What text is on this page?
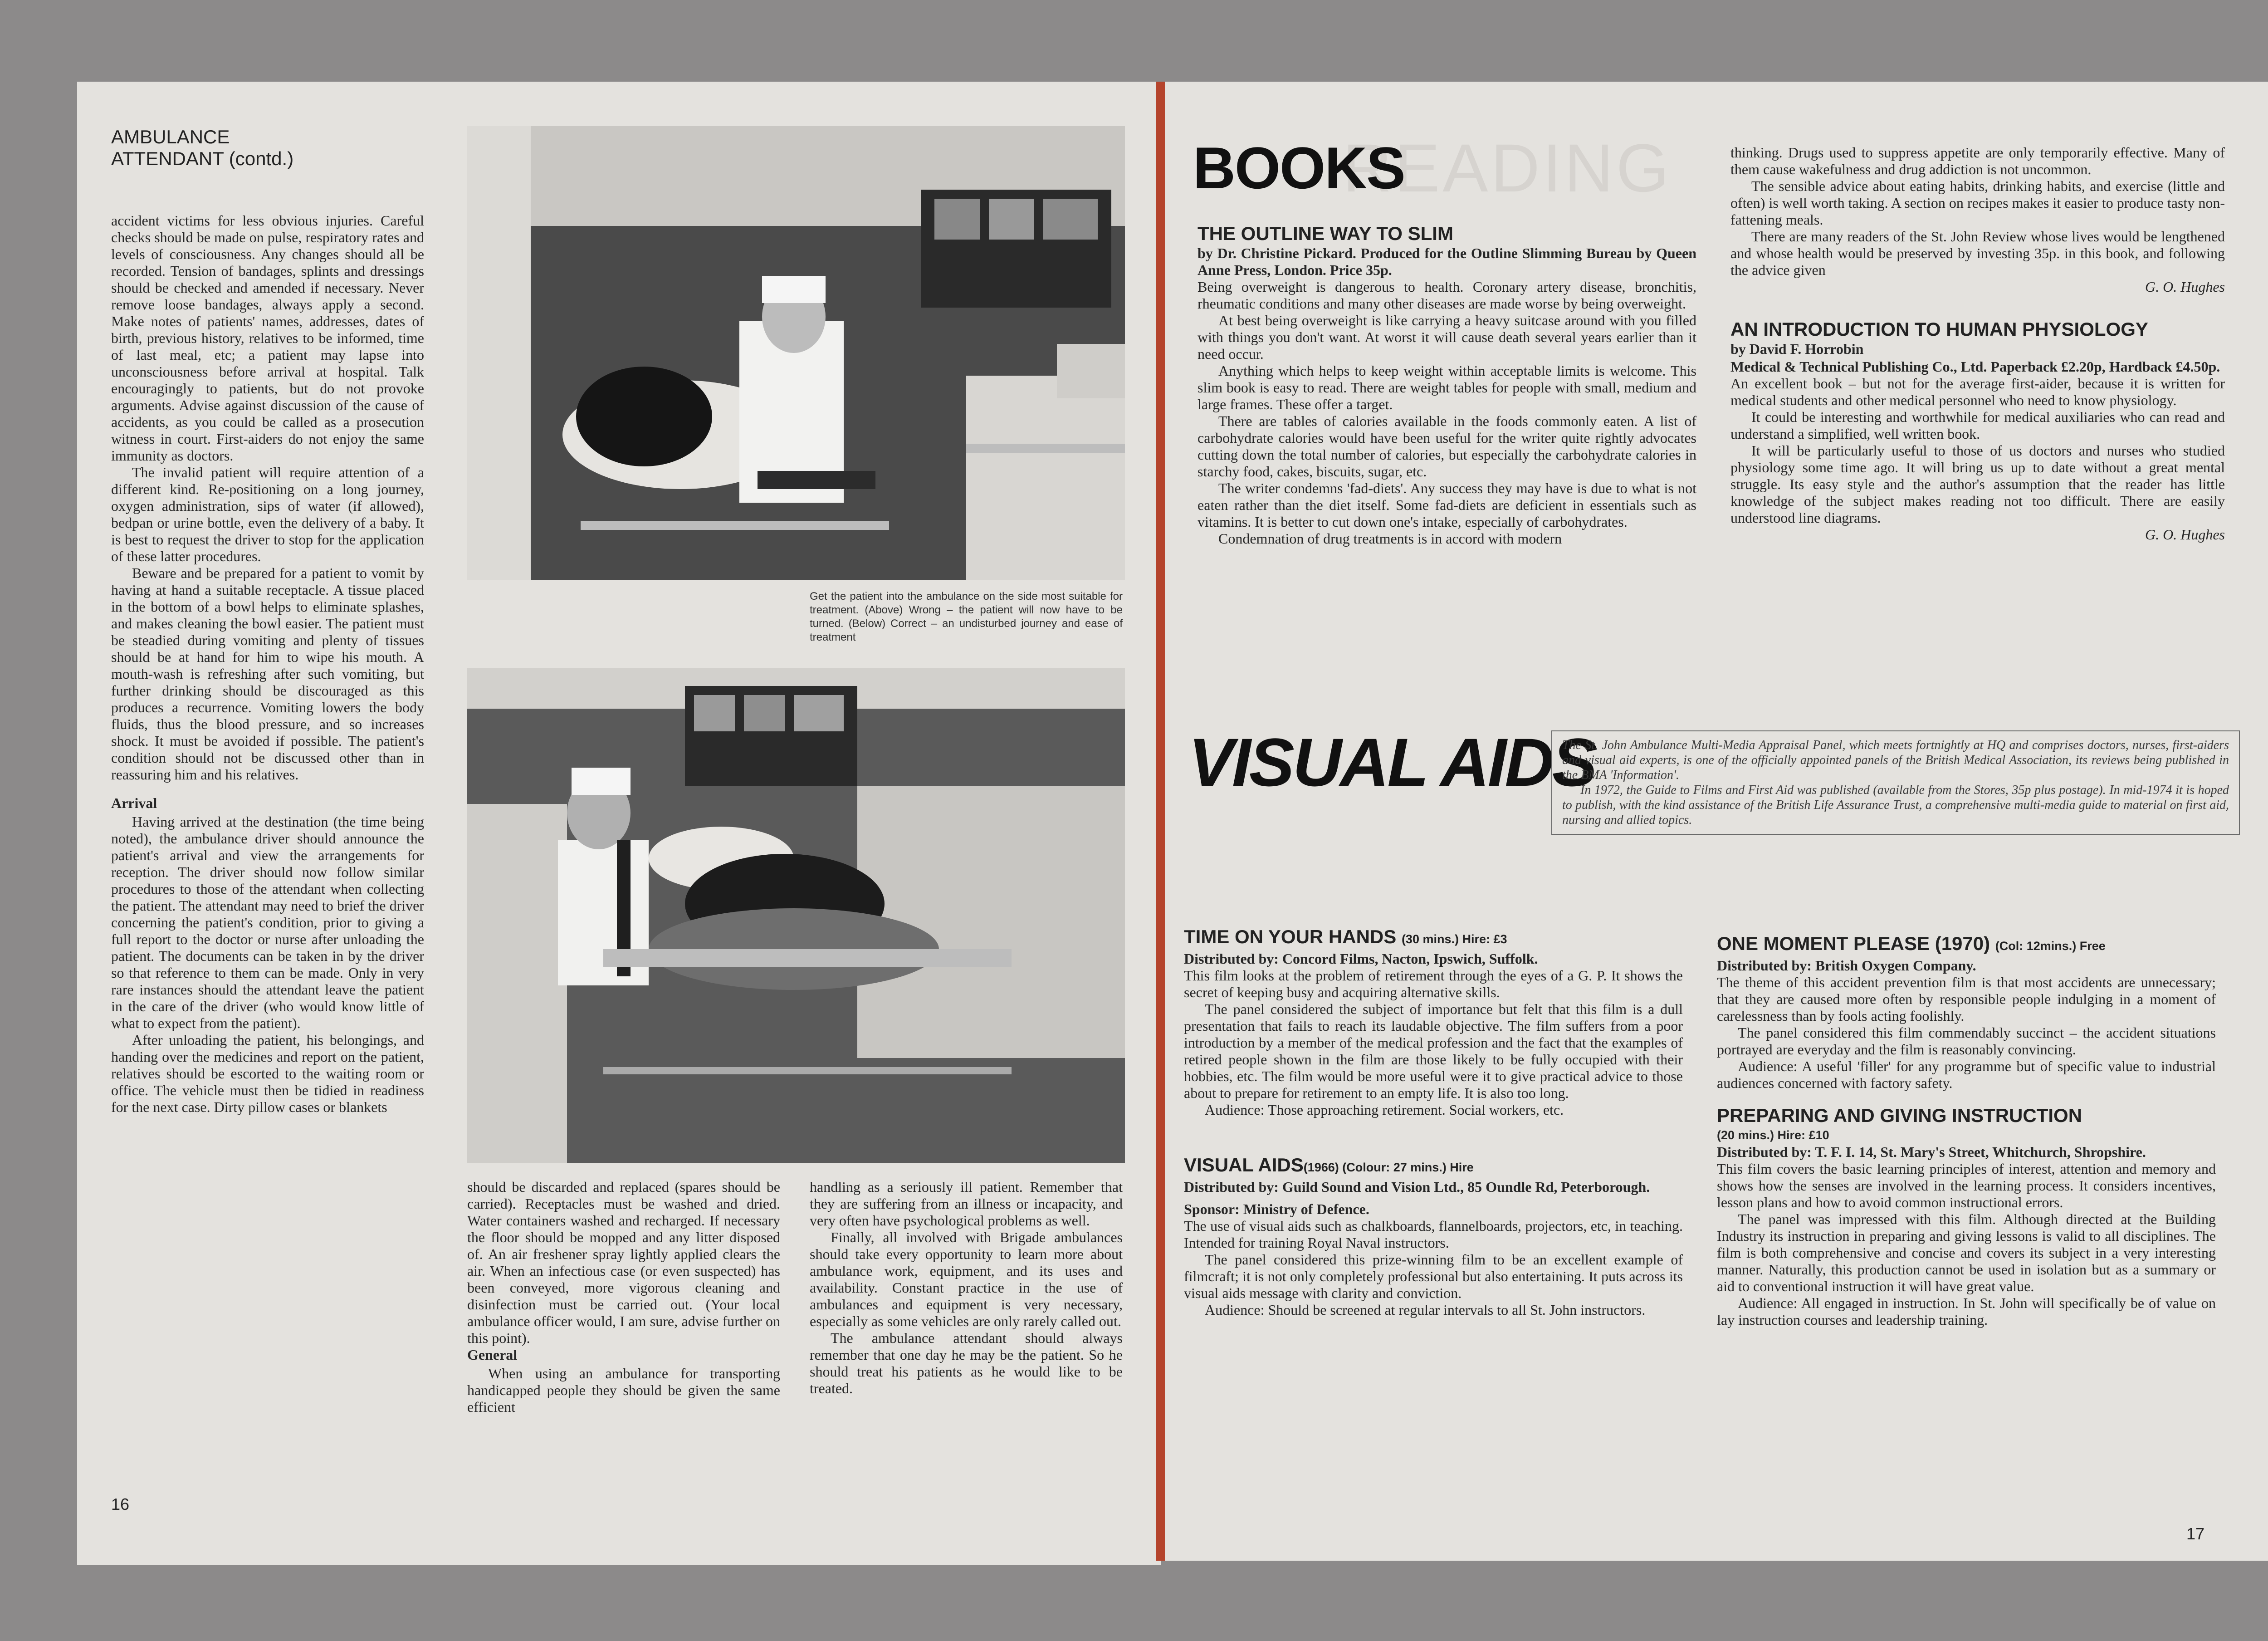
AMBULANCE
ATTENDANT (contd.)

accident victims for less obvious injuries. Careful checks should be made on pulse, respiratory rates and levels of consciousness. Any changes should all be recorded. Tension of bandages, splints and dressings should be checked and amended if necessary. Never remove loose bandages, always apply a second. Make notes of patients' names, addresses, dates of birth, previous history, relatives to be informed, time of last meal, etc; a patient may lapse into unconsciousness before arrival at hospital. Talk encouragingly to patients, but do not provoke arguments. Advise against discussion of the cause of accidents, as you could be called as a prosecution witness in court. First-aiders do not enjoy the same immunity as doctors.

The invalid patient will require attention of a different kind. Re-positioning on a long journey, oxygen administration, sips of water (if allowed), bedpan or urine bottle, even the delivery of a baby. It is best to request the driver to stop for the application of these latter procedures.

Beware and be prepared for a patient to vomit by having at hand a suitable receptacle. A tissue placed in the bottom of a bowl helps to eliminate splashes, and makes cleaning the bowl easier. The patient must be steadied during vomiting and plenty of tissues should be at hand for him to wipe his mouth. A mouth-wash is refreshing after such vomiting, but further drinking should be discouraged as this produces a recurrence. Vomiting lowers the body fluids, thus the blood pressure, and so increases shock. It must be avoided if possible. The patient's condition should not be discussed other than in reassuring him and his relatives.

Arrival

Having arrived at the destination (the time being noted), the ambulance driver should announce the patient's arrival and view the arrangements for reception. The driver should now follow similar procedures to those of the attendant when collecting the patient. The attendant may need to brief the driver concerning the patient's condition, prior to giving a full report to the doctor or nurse after unloading the patient. The documents can be taken in by the driver so that reference to them can be made. Only in very rare instances should the attendant leave the patient in the care of the driver (who would know little of what to expect from the patient).

After unloading the patient, his belongings, and handing over the medicines and report on the patient, relatives should be escorted to the waiting room or office. The vehicle must then be tidied in readiness for the next case. Dirty pillow cases or blankets

Get the patient into the ambulance on the side most suitable for treatment. (Above) Wrong – the patient will now have to be turned. (Below) Correct – an undisturbed journey and ease of treatment

should be discarded and replaced (spares should be carried). Receptacles must be washed and dried. Water containers washed and recharged. If necessary the floor should be mopped and any litter disposed of. An air freshener spray lightly applied clears the air. When an infectious case (or even suspected) has been conveyed, more vigorous cleaning and disinfection must be carried out. (Your local ambulance officer would, I am sure, advise further on this point).

General

When using an ambulance for transporting handicapped people they should be given the same efficient

handling as a seriously ill patient. Remember that they are suffering from an illness or incapacity, and very often have psychological problems as well.

Finally, all involved with Brigade ambulances should take every opportunity to learn more about ambulance work, equipment, and its uses and availability. Constant practice in the use of ambulances and equipment is very necessary, especially as some vehicles are only rarely called out.

The ambulance attendant should always remember that one day he may be the patient. So he should treat his patients as he would like to be treated.

16
READING
BOOKS
THE OUTLINE WAY TO SLIM

by Dr. Christine Pickard. Produced for the Outline Slimming Bureau by Queen Anne Press, London. Price 35p.

Being overweight is dangerous to health. Coronary artery disease, bronchitis, rheumatic conditions and many other diseases are made worse by being overweight.

At best being overweight is like carrying a heavy suitcase around with you filled with things you don't want. At worst it will cause death several years earlier than it need occur.

Anything which helps to keep weight within acceptable limits is welcome. This slim book is easy to read. There are weight tables for people with small, medium and large frames. These offer a target.

There are tables of calories available in the foods commonly eaten. A list of carbohydrate calories would have been useful for the writer quite rightly advocates cutting down the total number of calories, but especially the carbohydrate calories in starchy food, cakes, biscuits, sugar, etc.

The writer condemns 'fad-diets'. Any success they may have is due to what is not eaten rather than the diet itself. Some fad-diets are deficient in essentials such as vitamins. It is better to cut down one's intake, especially of carbohydrates.

Condemnation of drug treatments is in accord with modern

thinking. Drugs used to suppress appetite are only temporarily effective. Many of them cause wakefulness and drug addiction is not uncommon.

The sensible advice about eating habits, drinking habits, and exercise (little and often) is well worth taking. A section on recipes makes it easier to produce tasty non-fattening meals.

There are many readers of the St. John Review whose lives would be lengthened and whose health would be preserved by investing 35p. in this book, and following the advice given

G. O. Hughes

AN INTRODUCTION TO HUMAN PHYSIOLOGY

by David F. Horrobin

Medical & Technical Publishing Co., Ltd. Paperback £2.20p, Hardback £4.50p.

An excellent book – but not for the average first-aider, because it is written for medical students and other medical personnel who need to know physiology.

It could be interesting and worthwhile for medical auxiliaries who can read and understand a simplified, well written book.

It will be particularly useful to those of us doctors and nurses who studied physiology some time ago. It will bring us up to date without a great mental struggle. Its easy style and the author's assumption that the reader has little knowledge of the subject makes reading not too difficult. There are easily understood line diagrams.

G. O. Hughes

VISUAL AIDS
The St. John Ambulance Multi-Media Appraisal Panel, which meets fortnightly at HQ and comprises doctors, nurses, first-aiders and visual aid experts, is one of the officially appointed panels of the British Medical Association, its reviews being published in the BMA 'Information'.
In 1972, the Guide to Films and First Aid was published (available from the Stores, 35p plus postage). In mid-1974 it is hoped to publish, with the kind assistance of the British Life Assurance Trust, a comprehensive multi-media guide to material on first aid, nursing and allied topics.
TIME ON YOUR HANDS (30 mins.) Hire: £3

Distributed by: Concord Films, Nacton, Ipswich, Suffolk.

This film looks at the problem of retirement through the eyes of a G. P. It shows the secret of keeping busy and acquiring alternative skills.

The panel considered the subject of importance but felt that this film is a dull presentation that fails to reach its laudable objective. The film suffers from a poor introduction by a member of the medical profession and the fact that the examples of retired people shown in the film are those likely to be fully occupied with their hobbies, etc. The film would be more useful were it to give practical advice to those about to prepare for retirement to an empty life. It is also too long.

Audience: Those approaching retirement. Social workers, etc.

VISUAL AIDS(1966) (Colour: 27 mins.) Hire

Distributed by: Guild Sound and Vision Ltd., 85 Oundle Rd, Peterborough.

Sponsor: Ministry of Defence.

The use of visual aids such as chalkboards, flannelboards, projectors, etc, in teaching. Intended for training Royal Naval instructors.

The panel considered this prize-winning film to be an excellent example of filmcraft; it is not only completely professional but also entertaining. It puts across its visual aids message with clarity and conviction.

Audience: Should be screened at regular intervals to all St. John instructors.

ONE MOMENT PLEASE (1970) (Col: 12mins.) Free

Distributed by: British Oxygen Company.

The theme of this accident prevention film is that most accidents are unnecessary; that they are caused more often by responsible people indulging in a moment of carelessness than by fools acting foolishly.

The panel considered this film commendably succinct – the accident situations portrayed are everyday and the film is reasonably convincing.

Audience: A useful 'filler' for any programme but of specific value to industrial audiences concerned with factory safety.

PREPARING AND GIVING INSTRUCTION

(20 mins.) Hire: £10

Distributed by: T. F. I. 14, St. Mary's Street, Whitchurch, Shropshire.

This film covers the basic learning principles of interest, attention and memory and shows how the senses are involved in the learning process. It considers incentives, lesson plans and how to avoid common instructional errors.

The panel was impressed with this film. Although directed at the Building Industry its instruction in preparing and giving lessons is valid to all disciplines. The film is both comprehensive and concise and covers its subject in a very interesting manner. Naturally, this production cannot be used in isolation but as a summary or aid to conventional instruction it will have great value.

Audience: All engaged in instruction. In St. John will specifically be of value on lay instruction courses and leadership training.

17
